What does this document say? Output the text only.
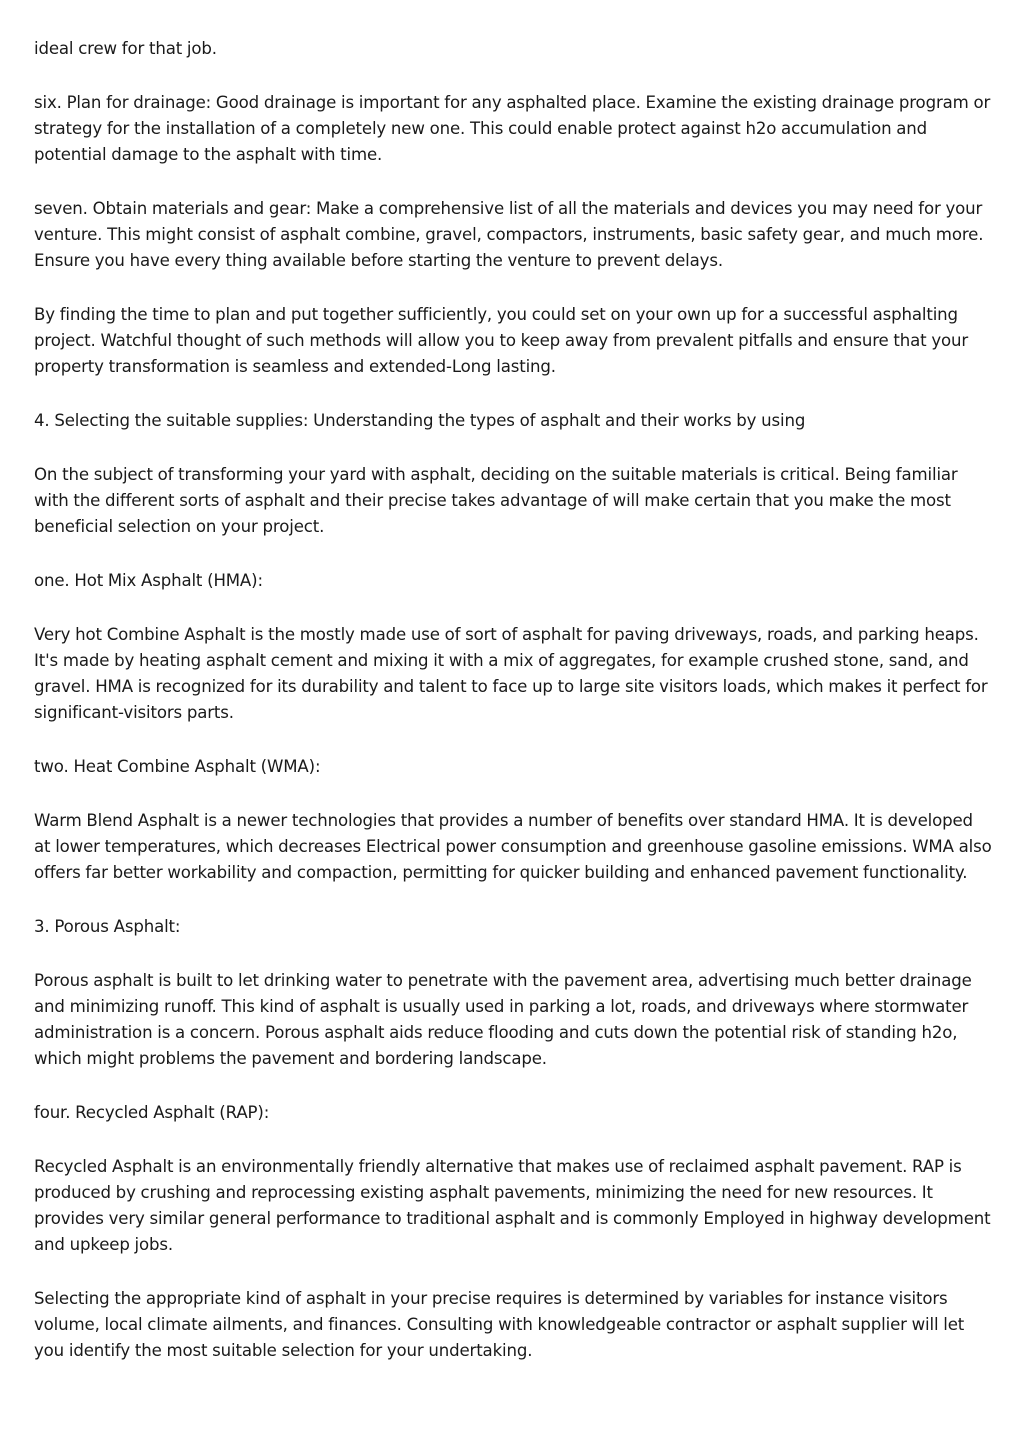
ideal crew for that job.

six. Plan for drainage: Good drainage is important for any asphalted place. Examine the existing drainage program or strategy for the installation of a completely new one. This could enable protect against h2o accumulation and potential damage to the asphalt with time.

seven. Obtain materials and gear: Make a comprehensive list of all the materials and devices you may need for your venture. This might consist of asphalt combine, gravel, compactors, instruments, basic safety gear, and much more. Ensure you have every thing available before starting the venture to prevent delays.

By finding the time to plan and put together sufficiently, you could set on your own up for a successful asphalting project. Watchful thought of such methods will allow you to keep away from prevalent pitfalls and ensure that your property transformation is seamless and extended-Long lasting.

4. Selecting the suitable supplies: Understanding the types of asphalt and their works by using

On the subject of transforming your yard with asphalt, deciding on the suitable materials is critical. Being familiar with the different sorts of asphalt and their precise takes advantage of will make certain that you make the most beneficial selection on your project.

one. Hot Mix Asphalt (HMA):

Very hot Combine Asphalt is the mostly made use of sort of asphalt for paving driveways, roads, and parking heaps. It's made by heating asphalt cement and mixing it with a mix of aggregates, for example crushed stone, sand, and gravel. HMA is recognized for its durability and talent to face up to large site visitors loads, which makes it perfect for significant-visitors parts.

two. Heat Combine Asphalt (WMA):

Warm Blend Asphalt is a newer technologies that provides a number of benefits over standard HMA. It is developed at lower temperatures, which decreases Electrical power consumption and greenhouse gasoline emissions. WMA also offers far better workability and compaction, permitting for quicker building and enhanced pavement functionality.

3. Porous Asphalt:

Porous asphalt is built to let drinking water to penetrate with the pavement area, advertising much better drainage and minimizing runoff. This kind of asphalt is usually used in parking a lot, roads, and driveways where stormwater administration is a concern. Porous asphalt aids reduce flooding and cuts down the potential risk of standing h2o, which might problems the pavement and bordering landscape.

four. Recycled Asphalt (RAP):

Recycled Asphalt is an environmentally friendly alternative that makes use of reclaimed asphalt pavement. RAP is produced by crushing and reprocessing existing asphalt pavements, minimizing the need for new resources. It provides very similar general performance to traditional asphalt and is commonly Employed in highway development and upkeep jobs.

Selecting the appropriate kind of asphalt in your precise requires is determined by variables for instance visitors volume, local climate ailments, and finances. Consulting with knowledgeable contractor or asphalt supplier will let you identify the most suitable selection for your undertaking.
